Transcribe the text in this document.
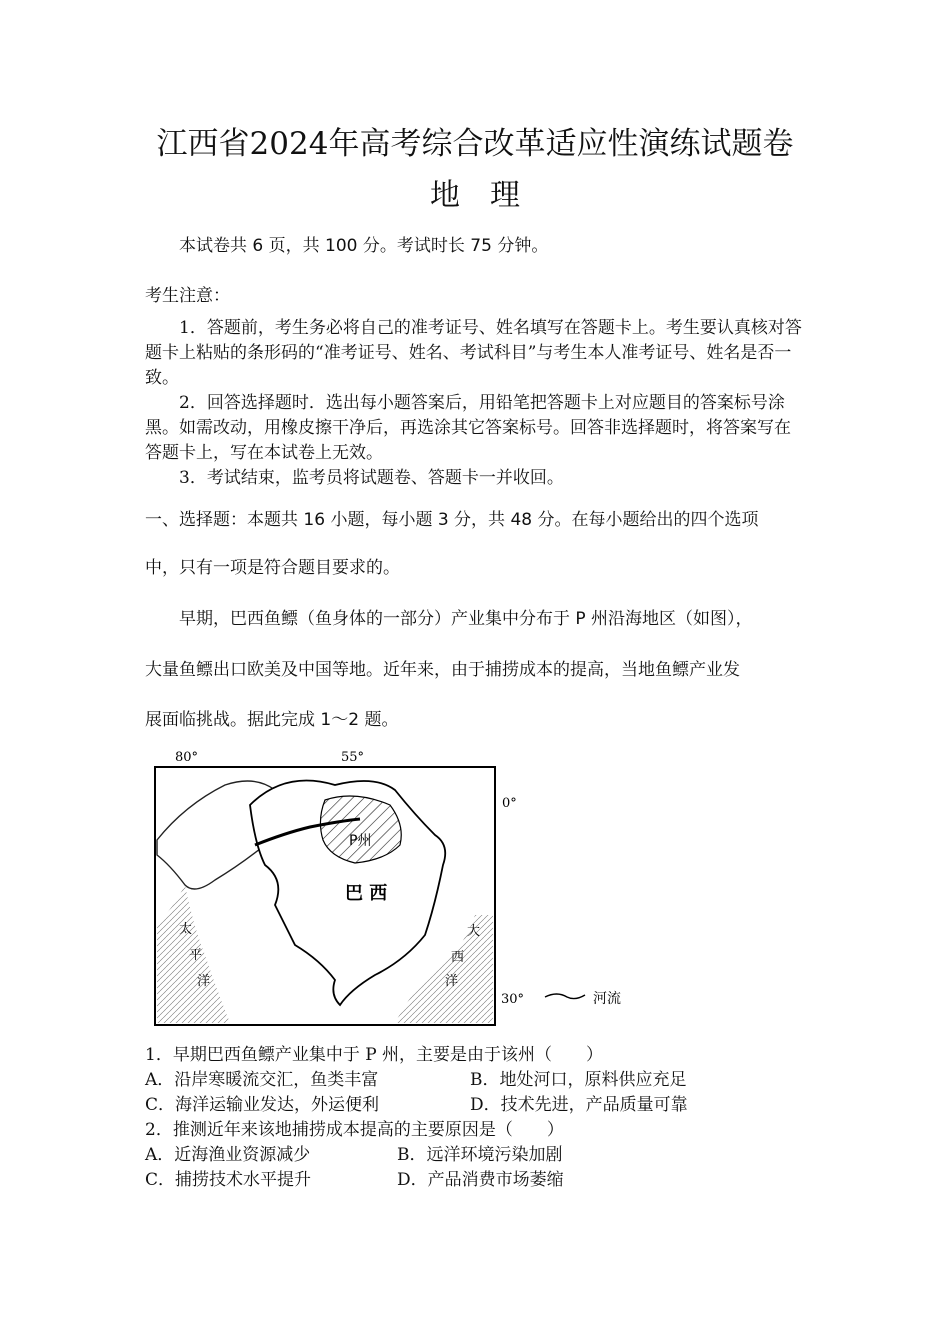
江西省2024年高考综合改革适应性演练试题卷
地　理
本试卷共 6 页，共 100 分。考试时长 75 分钟。
考生注意：
1．答题前，考生务必将自己的准考证号、姓名填写在答题卡上。考生要认真核对答题卡上粘贴的条形码的“准考证号、姓名、考试科目”与考生本人准考证号、姓名是否一致。
2．回答选择题时．选出每小题答案后，用铅笔把答题卡上对应题目的答案标号涂黑。如需改动，用橡皮擦干净后，再选涂其它答案标号。回答非选择题时，将答案写在答题卡上，写在本试卷上无效。
3．考试结束，监考员将试题卷、答题卡一并收回。
一、选择题：本题共 16 小题，每小题 3 分，共 48 分。在每小题给出的四个选项
中，只有一项是符合题目要求的。
早期，巴西鱼鳔（鱼身体的一部分）产业集中分布于 P 州沿海地区（如图），
大量鱼鳔出口欧美及中国等地。近年来，由于捕捞成本的提高，当地鱼鳔产业发
展面临挑战。据此完成 1～2 题。
80°	55°
0°
30°
P州
巴 西
太
平
洋
大
西
洋
河流
1．早期巴西鱼鳔产业集中于 P 州，主要是由于该州（　　）
A．沿岸寒暖流交汇，鱼类丰富	B．地处河口，原料供应充足
C．海洋运输业发达，外运便利	D．技术先进，产品质量可靠
2．推测近年来该地捕捞成本提高的主要原因是（　　）
A．近海渔业资源减少	B．远洋环境污染加剧
C．捕捞技术水平提升	D．产品消费市场萎缩
